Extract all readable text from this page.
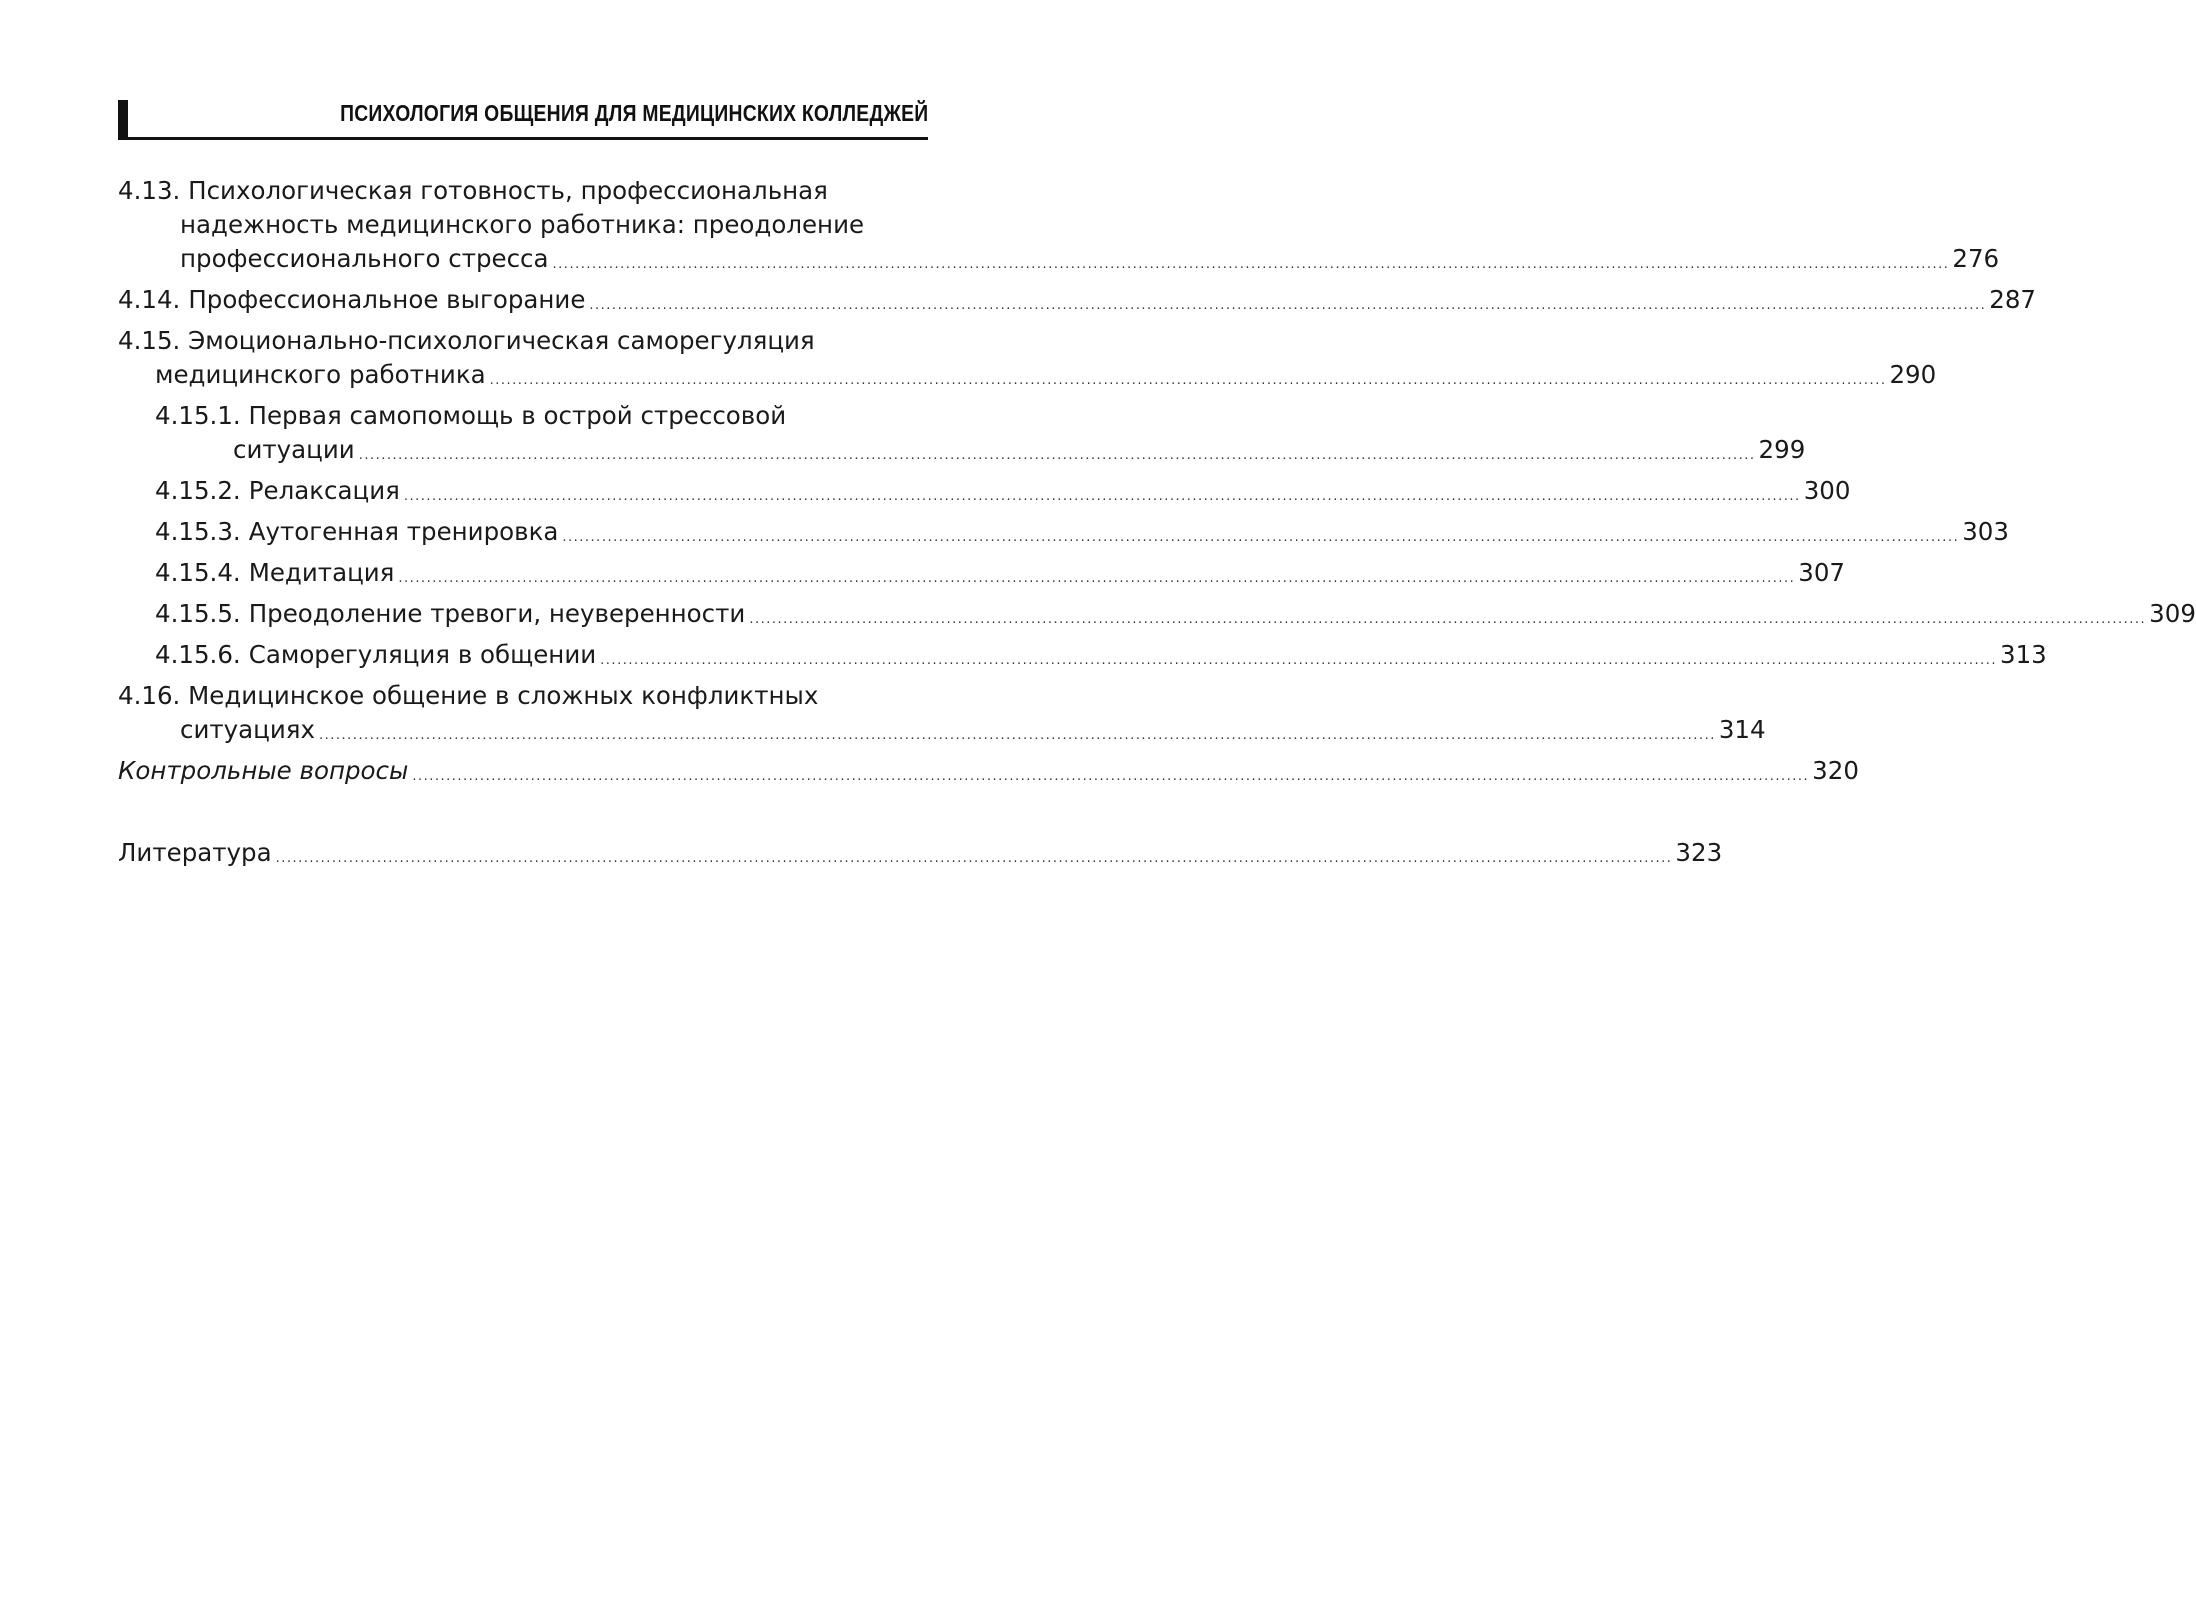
ПСИХОЛОГИЯ ОБЩЕНИЯ ДЛЯ МЕДИЦИНСКИХ КОЛЛЕДЖЕЙ
4.13. Психологическая готовность, профессиональная
надежность медицинского работника: преодоление
профессионального стресса ........................................................................................................................................................................................................................................................ 276
4.14. Профессиональное выгорание ........................................................................................................................................................................................................................................................ 287
4.15. Эмоционально-психологическая саморегуляция
медицинского работника ........................................................................................................................................................................................................................................................ 290
4.15.1. Первая самопомощь в острой стрессовой
ситуации ........................................................................................................................................................................................................................................................ 299
4.15.2. Релаксация ........................................................................................................................................................................................................................................................ 300
4.15.3. Аутогенная тренировка ........................................................................................................................................................................................................................................................ 303
4.15.4. Медитация ........................................................................................................................................................................................................................................................ 307
4.15.5. Преодоление тревоги, неуверенности ........................................................................................................................................................................................................................................................ 309
4.15.6. Саморегуляция в общении ........................................................................................................................................................................................................................................................ 313
4.16. Медицинское общение в сложных конфликтных
ситуациях ........................................................................................................................................................................................................................................................ 314
Контрольные вопросы ........................................................................................................................................................................................................................................................ 320
Литература ........................................................................................................................................................................................................................................................ 323
